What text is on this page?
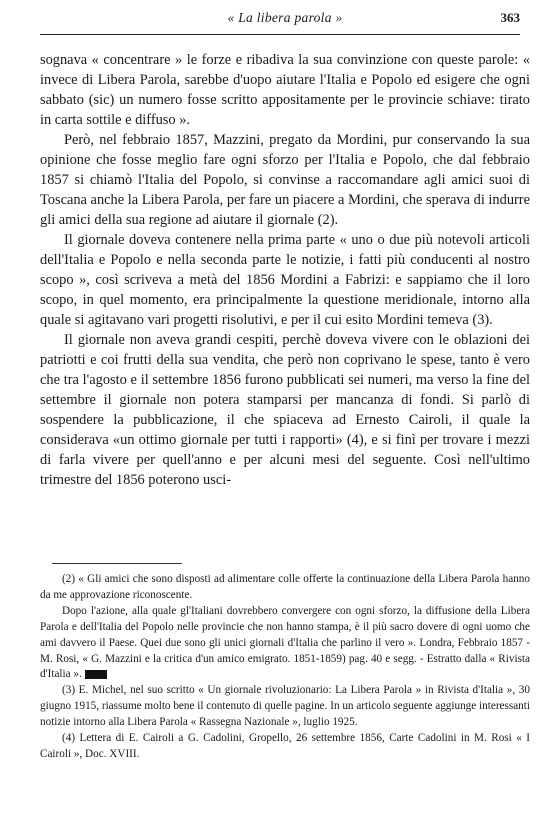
« La libera parola »	363

sognava « concentrare » le forze e ribadiva la sua convinzione con queste parole: « invece di Libera Parola, sarebbe d'uopo aiutare l'Italia e Popolo ed esigere che ogni sabbato (sic) un numero fosse scritto appositamente per le provincie schiave: tirato in carta sottile e diffuso ».

Però, nel febbraio 1857, Mazzini, pregato da Mordini, pur conservando la sua opinione che fosse meglio fare ogni sforzo per l'Italia e Popolo, che dal febbraio 1857 si chiamò l'Italia del Popolo, si convinse a raccomandare agli amici suoi di Toscana anche la Libera Parola, per fare un piacere a Mordini, che sperava di indurre gli amici della sua regione ad aiutare il giornale (2).

Il giornale doveva contenere nella prima parte « uno o due più notevoli articoli dell'Italia e Popolo e nella seconda parte le notizie, i fatti più conducenti al nostro scopo », così scriveva a metà del 1856 Mordini a Fabrizi: e sappiamo che il loro scopo, in quel momento, era principalmente la questione meridionale, intorno alla quale si agitavano vari progetti risolutivi, e per il cui esito Mordini temeva (3).

Il giornale non aveva grandi cespiti, perchè doveva vivere con le oblazioni dei patriotti e coi frutti della sua vendita, che però non coprivano le spese, tanto è vero che tra l'agosto e il settembre 1856 furono pubblicati sei numeri, ma verso la fine del settembre il giornale non potera stamparsi per mancanza di fondi. Si parlò di sospendere la pubblicazione, il che spiaceva ad Ernesto Cairoli, il quale la considerava «un ottimo giornale per tutti i rapporti» (4), e si finì per trovare i mezzi di farla vivere per quell'anno e per alcuni mesi del seguente. Così nell'ultimo trimestre del 1856 poterono usci-

(2) « Gli amici che sono disposti ad alimentare colle offerte la continuazione della Libera Parola hanno da me approvazione riconoscente.

Dopo l'azione, alla quale gl'Italiani dovrebbero convergere con ogni sforzo, la diffusione della Libera Parola e dell'Italia del Popolo nelle provincie che non hanno stampa, è il più sacro dovere di ogni uomo che ami davvero il Paese. Quei due sono gli unici giornali d'Italia che parlino il vero ». Londra, Febbraio 1857 - M. Rosi, « G. Mazzini e la critica d'un amico emigrato. 1851-1859) pag. 40 e segg. - Estratto dalla « Rivista d'Italia ».

(3) E. Michel, nel suo scritto « Un giornale rivoluzionario: La Libera Parola » in Rivista d'Italia », 30 giugno 1915, riassume molto bene il contenuto di quelle pagine. In un articolo seguente aggiunge interessanti notizie intorno alla Libera Parola « Rassegna Nazionale », luglio 1925.

(4) Lettera di E. Cairoli a G. Cadolini, Gropello, 26 settembre 1856, Carte Cadolini in M. Rosi « I Cairoli », Doc. XVIII.
